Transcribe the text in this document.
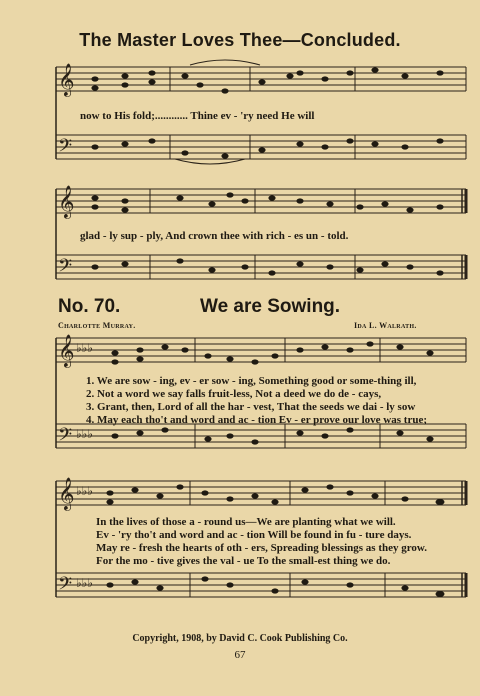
The Master Loves Thee—Concluded.
𝄞
𝄢
now to His fold;............ Thine ev - 'ry need He will
𝄞
𝄢
glad - ly sup - ply, And crown thee with rich - es un - told.
No. 70.	We are Sowing.
Charlotte Murray.	Ida L. Walrath.
𝄞 ♭♭♭
𝄢 ♭♭♭
1. We are sow - ing, ev - er sow - ing, Something good or some-thing ill,
2. Not a word we say falls fruit-less, Not a deed we do de - cays,
3. Grant, then, Lord of all the har - vest, That the seeds we dai - ly sow
4. May each tho't and word and ac - tion Ev - er prove our love was true;
𝄞 ♭♭♭
𝄢 ♭♭♭
In the lives of those a - round us—We are planting what we will.
Ev - 'ry tho't and word and ac - tion Will be found in fu - ture days.
May re - fresh the hearts of oth - ers, Spreading blessings as they grow.
For the mo - tive gives the val - ue To the small-est thing we do.
Copyright, 1908, by David C. Cook Publishing Co.
67
